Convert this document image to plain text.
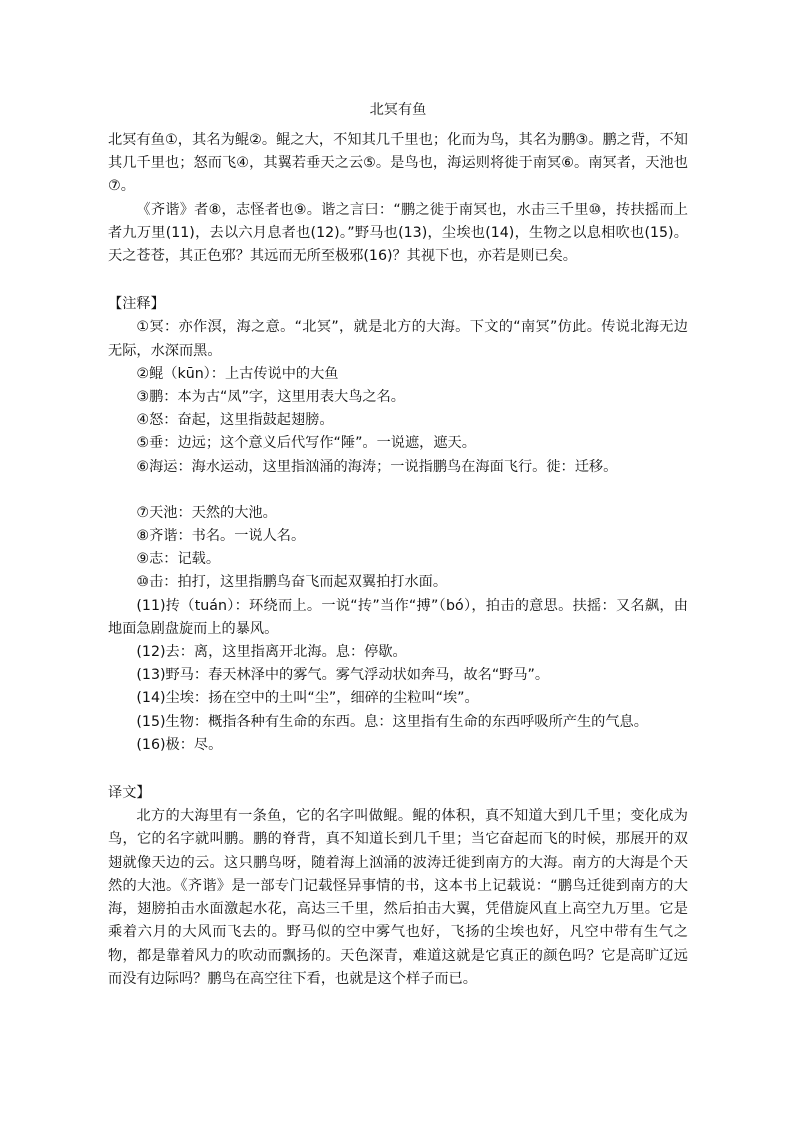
北冥有鱼

北冥有鱼①，其名为鲲②。鲲之大，不知其几千里也；化而为鸟，其名为鹏③。鹏之背，不知其几千里也；怒而飞④，其翼若垂天之云⑤。是鸟也，海运则将徙于南冥⑥。南冥者，天池也⑦。

《齐谐》者⑧，志怪者也⑨。谐之言曰：“鹏之徙于南冥也，水击三千里⑩，抟扶摇而上者九万里(11)，去以六月息者也(12)。”野马也(13)，尘埃也(14)，生物之以息相吹也(15)。天之苍苍，其正色邪？其远而无所至极邪(16)？其视下也，亦若是则已矣。

【注释】

①冥：亦作溟，海之意。“北冥”，就是北方的大海。下文的“南冥”仿此。传说北海无边无际，水深而黑。

②鲲（kūn）：上古传说中的大鱼

③鹏：本为古“凤”字，这里用表大鸟之名。

④怒：奋起，这里指鼓起翅膀。

⑤垂：边远；这个意义后代写作“陲”。一说遮，遮天。

⑥海运：海水运动，这里指汹涌的海涛；一说指鹏鸟在海面飞行。徙：迁移。

⑦天池：天然的大池。

⑧齐谐：书名。一说人名。

⑨志：记载。

⑩击：拍打，这里指鹏鸟奋飞而起双翼拍打水面。

(11)抟（tuán）：环绕而上。一说“抟”当作“搏”（bó），拍击的意思。扶摇：又名飙，由地面急剧盘旋而上的暴风。

(12)去：离，这里指离开北海。息：停歇。

(13)野马：春天林泽中的雾气。雾气浮动状如奔马，故名“野马”。

(14)尘埃：扬在空中的土叫“尘”，细碎的尘粒叫“埃”。

(15)生物：概指各种有生命的东西。息：这里指有生命的东西呼吸所产生的气息。

(16)极：尽。

译文】

北方的大海里有一条鱼，它的名字叫做鲲。鲲的体积，真不知道大到几千里；变化成为鸟，它的名字就叫鹏。鹏的脊背，真不知道长到几千里；当它奋起而飞的时候，那展开的双翅就像天边的云。这只鹏鸟呀，随着海上汹涌的波涛迁徙到南方的大海。南方的大海是个天然的大池。《齐谐》是一部专门记载怪异事情的书，这本书上记载说：“鹏鸟迁徙到南方的大海，翅膀拍击水面激起水花，高达三千里，然后拍击大翼，凭借旋风直上高空九万里。它是乘着六月的大风而飞去的。野马似的空中雾气也好，飞扬的尘埃也好，凡空中带有生气之物，都是靠着风力的吹动而飘扬的。天色深青，难道这就是它真正的颜色吗？它是高旷辽远而没有边际吗？鹏鸟在高空往下看，也就是这个样子而已。
